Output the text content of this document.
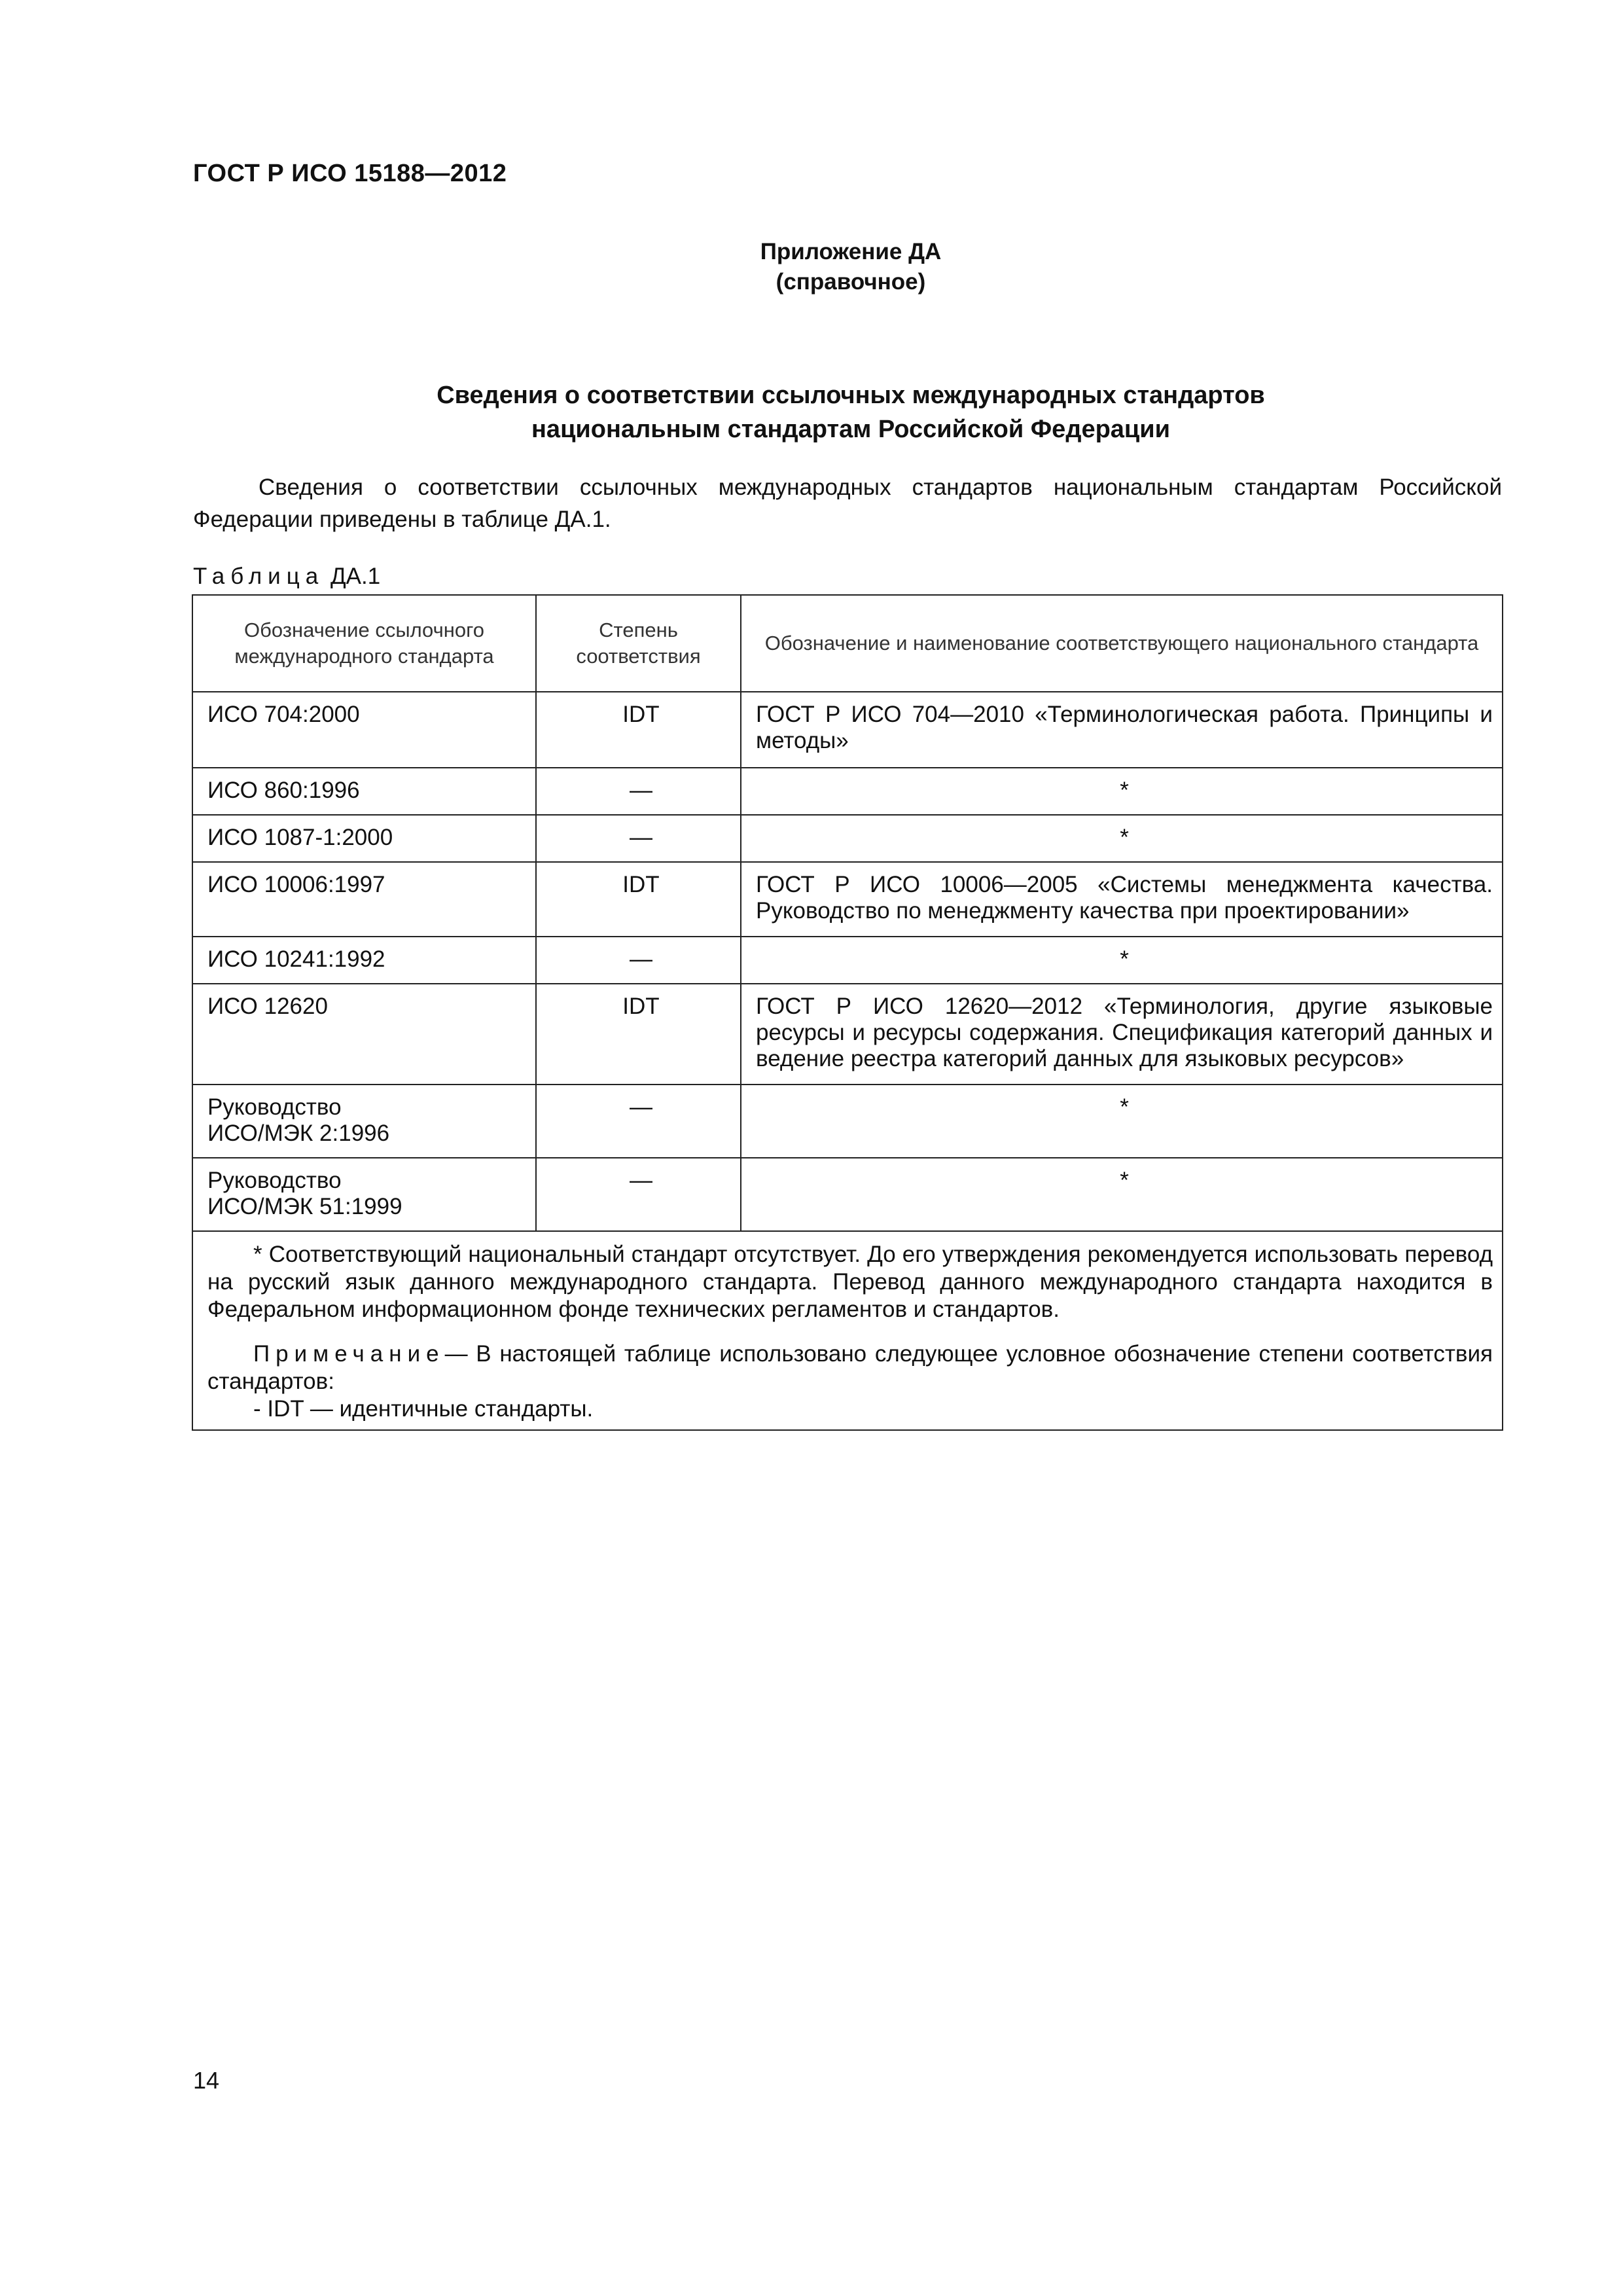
ГОСТ Р ИСО 15188—2012
Приложение ДА
(справочное)
Сведения о соответствии ссылочных международных стандартов
национальным стандартам Российской Федерации
Сведения о соответствии ссылочных международных стандартов национальным стандартам Российской Федерации приведены в таблице ДА.1.
Таблица ДА.1
Обозначение ссылочного международного стандарта	Степень соответствия	Обозначение и наименование соответствующего национального стандарта
ИСО 704:2000	IDT	ГОСТ Р ИСО 704—2010 «Терминологическая работа. Принципы и методы»
ИСО 860:1996	—	*
ИСО 1087-1:2000	—	*
ИСО 10006:1997	IDT	ГОСТ Р ИСО 10006—2005 «Системы менеджмента качества. Руководство по менеджменту качества при проектировании»
ИСО 10241:1992	—	*
ИСО 12620	IDT	ГОСТ Р ИСО 12620—2012 «Терминология, другие языковые ресурсы и ресурсы содержания. Спецификация категорий данных и ведение реестра категорий данных для языковых ресурсов»

Руководство
ИСО/МЭК 2:1996	—	*

Руководство
ИСО/МЭК 51:1999	—	*

* Соответствующий национальный стандарт отсутствует. До его утверждения рекомендуется использовать перевод на русский язык данного международного стандарта. Перевод данного международного стандарта находится в Федеральном информационном фонде технических регламентов и стандартов.

Примечание— В настоящей таблице использовано следующее условное обозначение степени соответствия стандартов:

- IDT — идентичные стандарты.		

14
